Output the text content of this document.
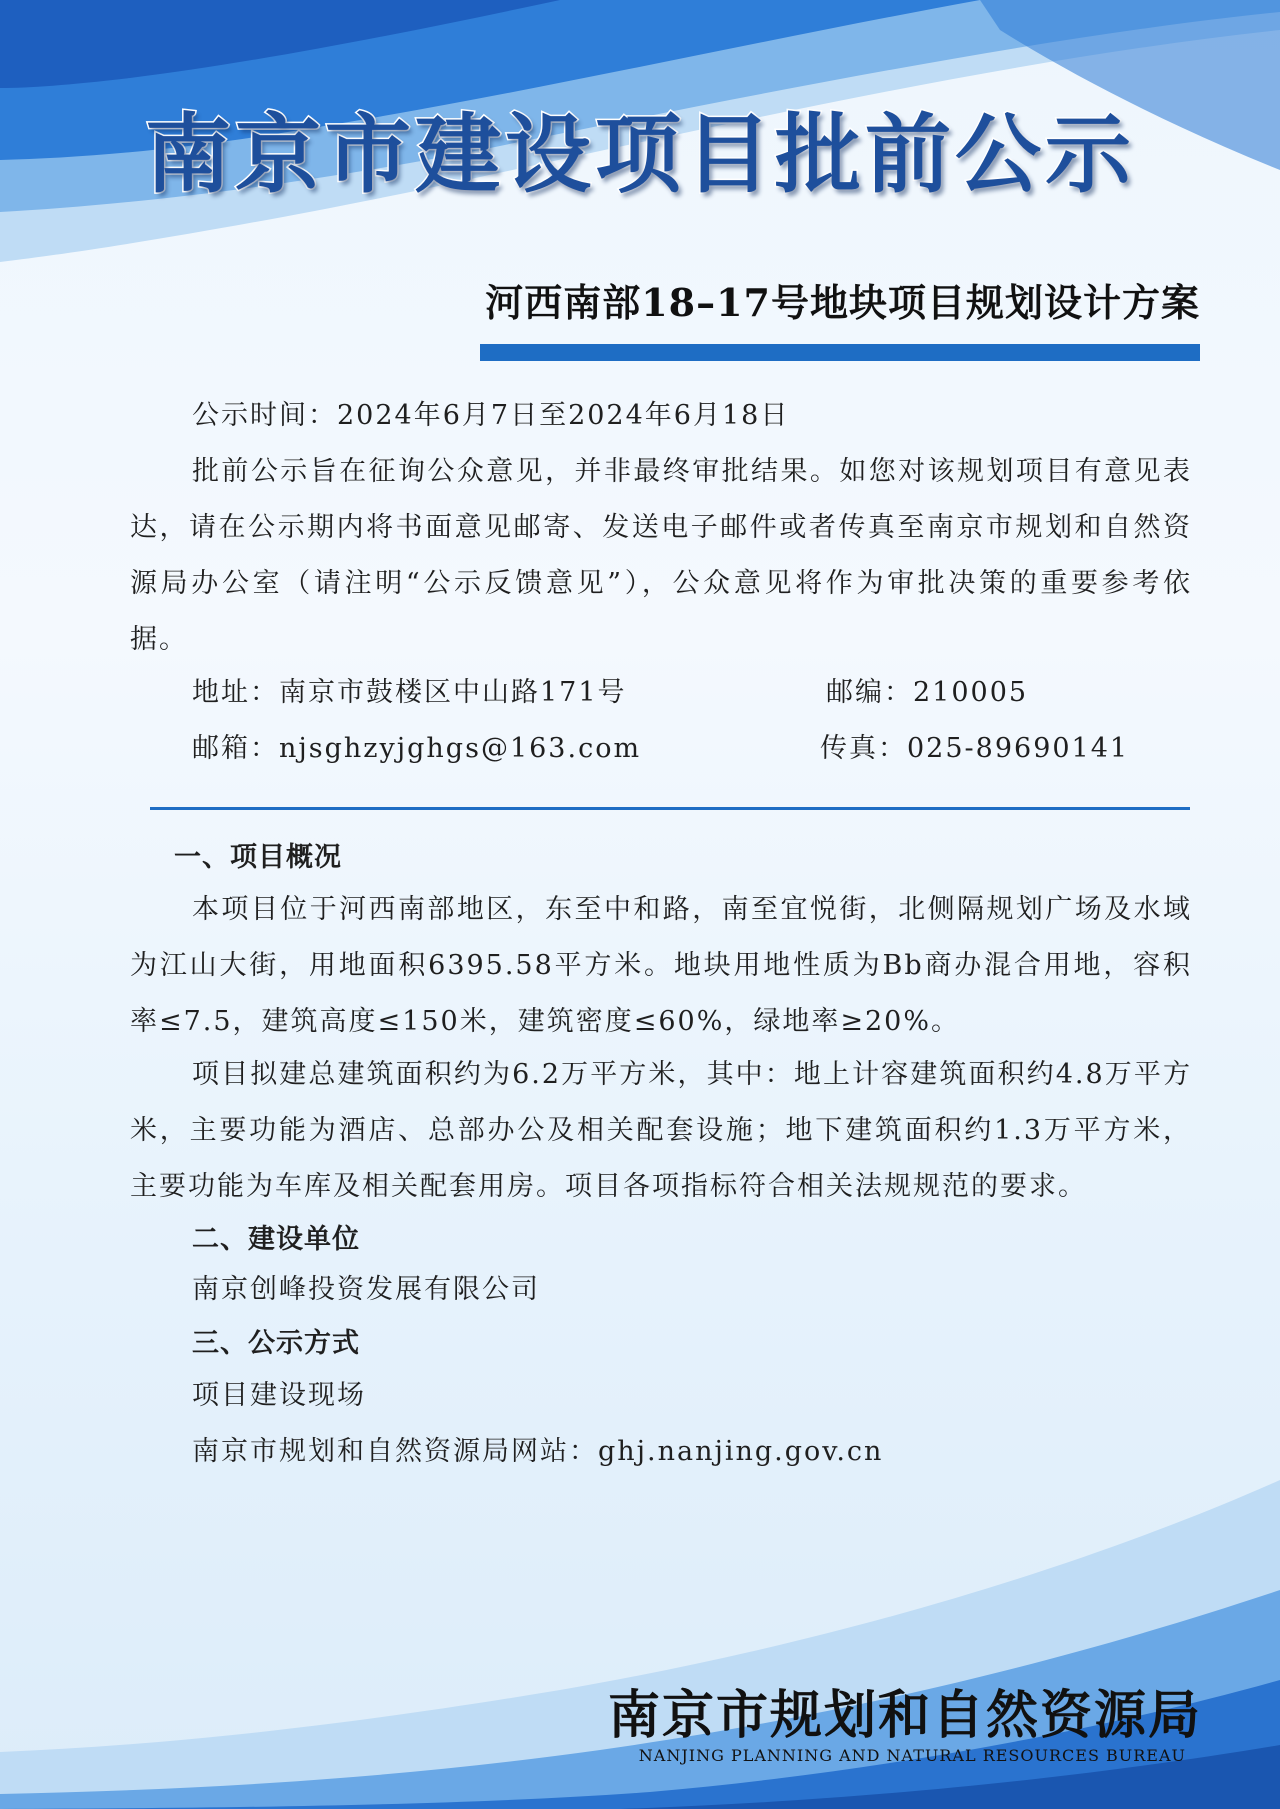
南京市建设项目批前公示
河西南部18–17号地块项目规划设计方案
公示时间：2024年6月7日至2024年6月18日
批前公示旨在征询公众意见，并非最终审批结果。如您对该规划项目有意见表达，请在公示期内将书面意见邮寄、发送电子邮件或者传真至南京市规划和自然资源局办公室（请注明“公示反馈意见”），公众意见将作为审批决策的重要参考依据。
地址：南京市鼓楼区中山路171号	邮编：210005
邮箱：njsghzyjghgs@163.com	传真：025-89690141
一、项目概况
本项目位于河西南部地区，东至中和路，南至宜悦街，北侧隔规划广场及水域为江山大街，用地面积6395.58平方米。地块用地性质为Bb商办混合用地，容积率≤7.5，建筑高度≤150米，建筑密度≤60%，绿地率≥20%。
项目拟建总建筑面积约为6.2万平方米，其中：地上计容建筑面积约4.8万平方米，主要功能为酒店、总部办公及相关配套设施；地下建筑面积约1.3万平方米，主要功能为车库及相关配套用房。项目各项指标符合相关法规规范的要求。
二、建设单位
南京创峰投资发展有限公司
三、公示方式
项目建设现场
南京市规划和自然资源局网站：ghj.nanjing.gov.cn
南京市规划和自然资源局
NANJING PLANNING AND NATURAL RESOURCES BUREAU
